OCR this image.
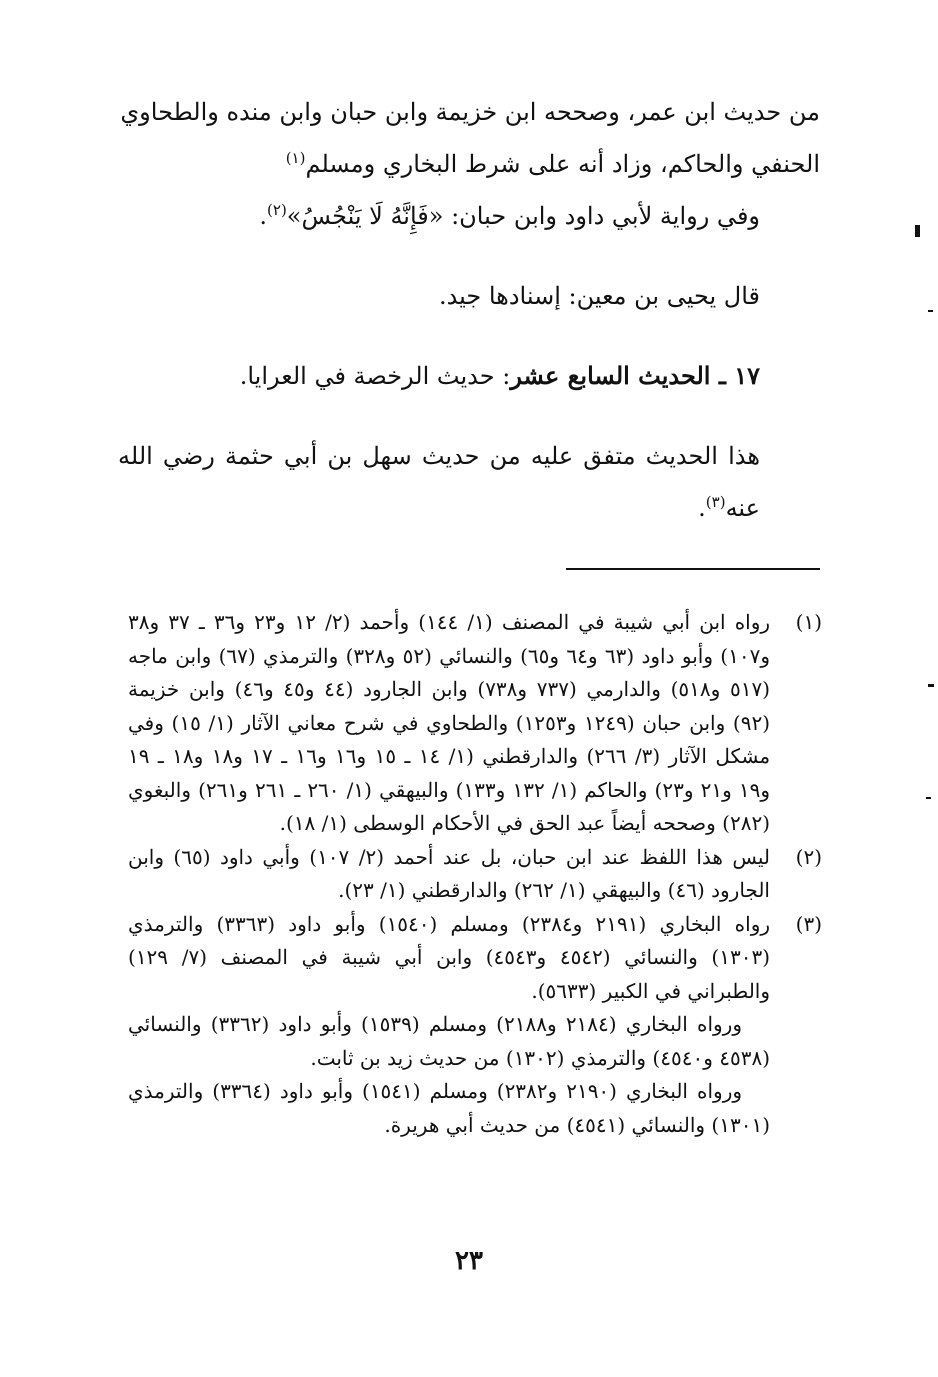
من حديث ابن عمر، وصححه ابن خزيمة وابن حبان وابن منده والطحاوي
الحنفي والحاكم، وزاد أنه على شرط البخاري ومسلم$^{(١)}$

وفي رواية لأبي داود وابن حبان: «فَإِنَّهُ لَا يَنْجُسُ»$^{(٢)}$.

قال يحيى بن معين: إسنادها جيد.

١٧ ـ الحديث السابع عشر: حديث الرخصة في العرايا.

هذا الحديث متفق عليه من حديث سهل بن أبي حثمة رضي الله عنه$^{(٣)}$.

(١)
رواه ابن أبي شيبة في المصنف (١/ ١٤٤) وأحمد (٢/ ١٢ و٢٣ و٣٦ ـ ٣٧ و٣٨ و١٠٧) وأبو داود (٦٣ و٦٤ و٦٥) والنسائي (٥٢ و٣٢٨) والترمذي (٦٧) وابن ماجه (٥١٧ و٥١٨) والدارمي (٧٣٧ و٧٣٨) وابن الجارود (٤٤ و٤٥ و٤٦) وابن خزيمة (٩٢) وابن حبان (١٢٤٩ و١٢٥٣) والطحاوي في شرح معاني الآثار (١/ ١٥) وفي مشكل الآثار (٣/ ٢٦٦) والدارقطني (١/ ١٤ ـ ١٥ و١٦ و١٦ ـ ١٧ و١٨ و١٨ ـ ١٩ و١٩ و٢١ و٢٣) والحاكم (١/ ١٣٢ و١٣٣) والبيهقي (١/ ٢٦٠ ـ ٢٦١ و٢٦١) والبغوي (٢٨٢) وصححه أيضاً عبد الحق في الأحكام الوسطى (١/ ١٨).
(٢)
ليس هذا اللفظ عند ابن حبان، بل عند أحمد (٢/ ١٠٧) وأبي داود (٦٥) وابن الجارود (٤٦) والبيهقي (١/ ٢٦٢) والدارقطني (١/ ٢٣).
(٣)
رواه البخاري (٢١٩١ و٢٣٨٤) ومسلم (١٥٤٠) وأبو داود (٣٣٦٣) والترمذي (١٣٠٣) والنسائي (٤٥٤٢ و٤٥٤٣) وابن أبي شيبة في المصنف (٧/ ١٢٩) والطبراني في الكبير (٥٦٣٣).

ورواه البخاري (٢١٨٤ و٢١٨٨) ومسلم (١٥٣٩) وأبو داود (٣٣٦٢) والنسائي (٤٥٣٨ و٤٥٤٠) والترمذي (١٣٠٢) من حديث زيد بن ثابت.

ورواه البخاري (٢١٩٠ و٢٣٨٢) ومسلم (١٥٤١) وأبو داود (٣٣٦٤) والترمذي (١٣٠١) والنسائي (٤٥٤١) من حديث أبي هريرة.

٢٣
